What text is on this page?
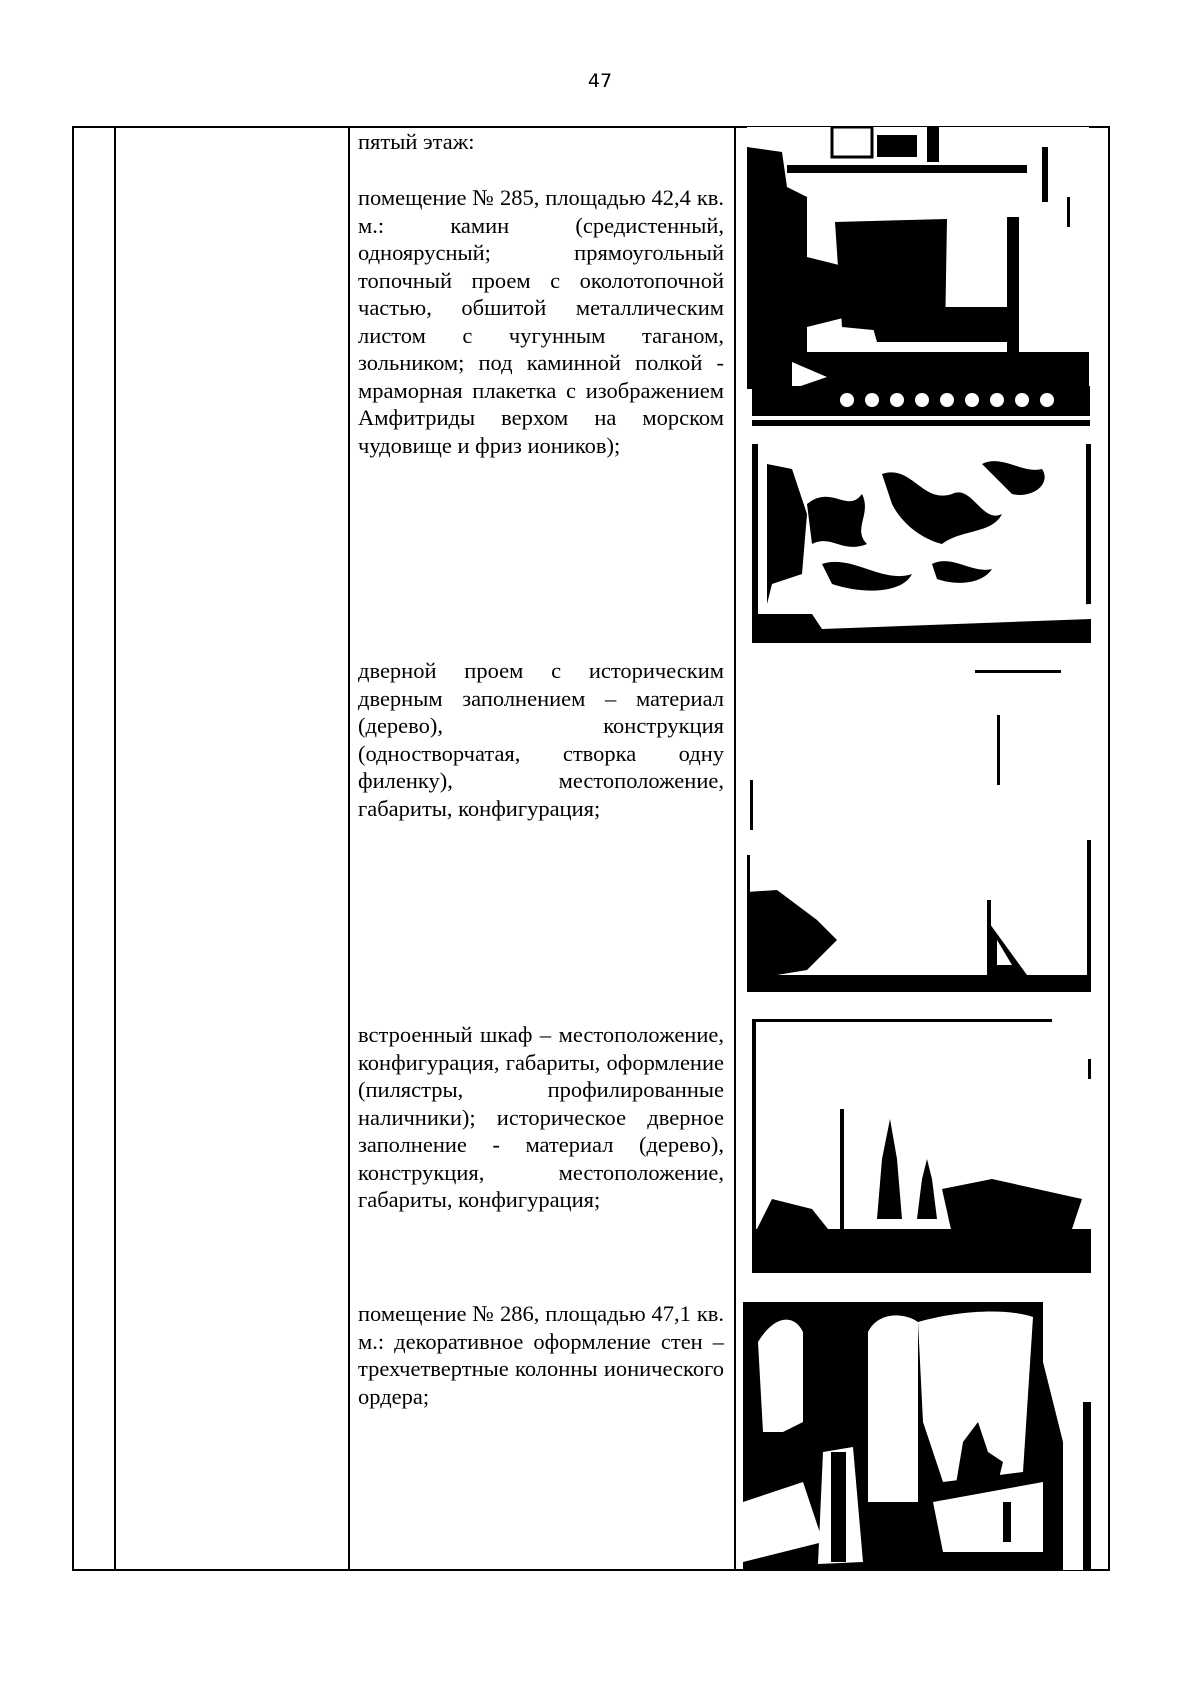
47

пятый этаж:

помещение № 285, площадью 42,4 кв. м.: камин (средистенный, одноярусный; прямоугольный топочный проем с околотопочной частью, обшитой металлическим листом с чугунным таганом, зольником; под каминной полкой - мраморная плакетка с изображением Амфитриды верхом на морском чудовище и фриз иоников);

дверной проем с историческим дверным заполнением – материал (дерево), конструкция (одностворчатая, створка одну филенку), местоположение, габариты, конфигурация;

встроенный шкаф – местоположение, конфигурация, габариты, оформление (пилястры, профилированные наличники); историческое дверное заполнение - материал (дерево), конструкция, местоположение, габариты, конфигурация;

помещение № 286, площадью 47,1 кв. м.: декоративное оформление стен – трехчетвертные колонны ионического ордера;
